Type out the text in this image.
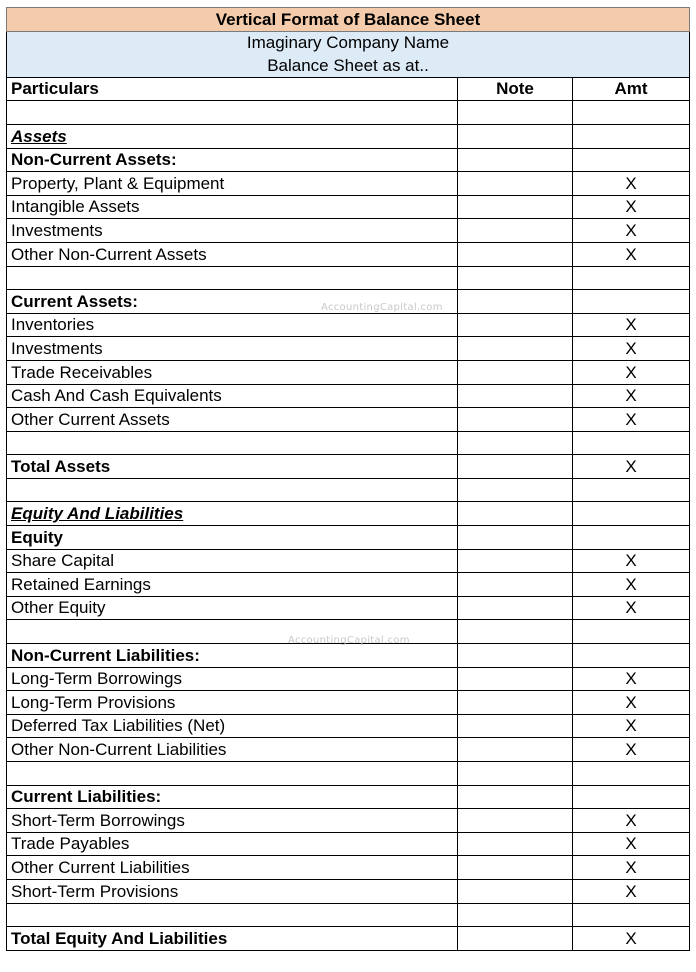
Vertical Format of Balance Sheet		
Imaginary Company Name		
Balance Sheet as at..		
Particulars	Note	Amt

Assets		
Non-Current Assets:		
Property, Plant & Equipment		X
Intangible Assets		X
Investments		X
Other Non-Current Assets		X

Current Assets:		
Inventories		X
Investments		X
Trade Receivables		X
Cash And Cash Equivalents		X
Other Current Assets		X

Total Assets		X

Equity And Liabilities		
Equity		
Share Capital		X
Retained Earnings		X
Other Equity		X

Non-Current Liabilities:		
Long-Term Borrowings		X
Long-Term Provisions		X
Deferred Tax Liabilities (Net)		X
Other Non-Current Liabilities		X

Current Liabilities:		
Short-Term Borrowings		X
Trade Payables		X
Other Current Liabilities		X
Short-Term Provisions		X

Total Equity And Liabilities		X
AccountingCapital.com
AccountingCapital.com
